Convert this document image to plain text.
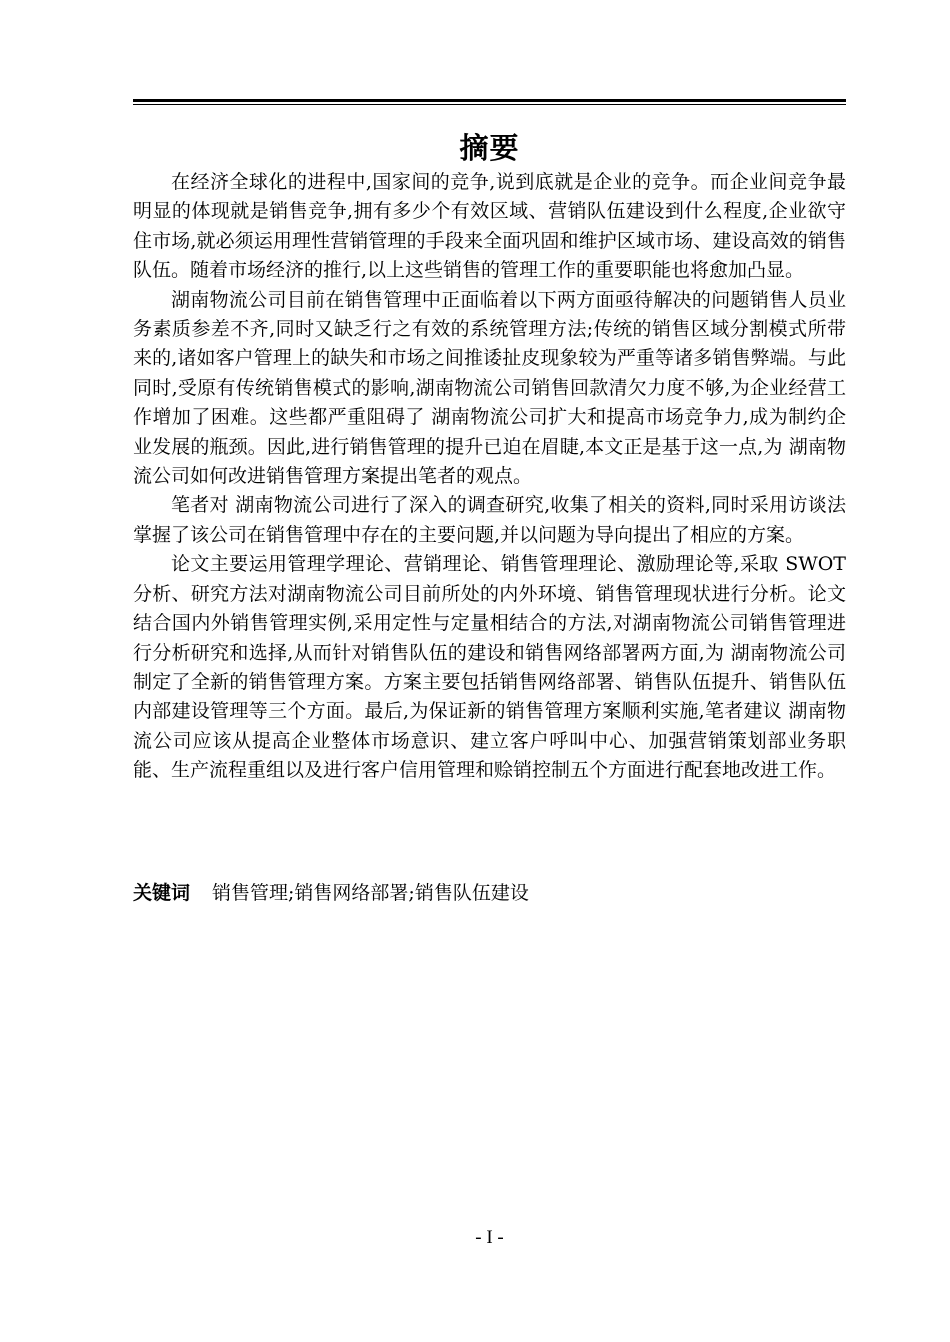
摘要

在经济全球化的进程中,国家间的竞争,说到底就是企业的竞争。而企业间竞争最明显的体现就是销售竞争,拥有多少个有效区域、营销队伍建设到什么程度,企业欲守住市场,就必须运用理性营销管理的手段来全面巩固和维护区域市场、建设高效的销售队伍。随着市场经济的推行,以上这些销售的管理工作的重要职能也将愈加凸显。

湖南物流公司目前在销售管理中正面临着以下两方面亟待解决的问题销售人员业务素质参差不齐,同时又缺乏行之有效的系统管理方法;传统的销售区域分割模式所带来的,诸如客户管理上的缺失和市场之间推诿扯皮现象较为严重等诸多销售弊端。与此同时,受原有传统销售模式的影响,湖南物流公司销售回款清欠力度不够,为企业经营工作增加了困难。这些都严重阻碍了 湖南物流公司扩大和提高市场竞争力,成为制约企业发展的瓶颈。因此,进行销售管理的提升已迫在眉睫,本文正是基于这一点,为 湖南物流公司如何改进销售管理方案提出笔者的观点。

笔者对 湖南物流公司进行了深入的调查研究,收集了相关的资料,同时采用访谈法掌握了该公司在销售管理中存在的主要问题,并以问题为导向提出了相应的方案。

论文主要运用管理学理论、营销理论、销售管理理论、激励理论等,采取 SWOT 分析、研究方法对湖南物流公司目前所处的内外环境、销售管理现状进行分析。论文结合国内外销售管理实例,采用定性与定量相结合的方法,对湖南物流公司销售管理进行分析研究和选择,从而针对销售队伍的建设和销售网络部署两方面,为 湖南物流公司制定了全新的销售管理方案。方案主要包括销售网络部署、销售队伍提升、销售队伍内部建设管理等三个方面。最后,为保证新的销售管理方案顺利实施,笔者建议 湖南物流公司应该从提高企业整体市场意识、建立客户呼叫中心、加强营销策划部业务职能、生产流程重组以及进行客户信用管理和赊销控制五个方面进行配套地改进工作。

关键词 销售管理;销售网络部署;销售队伍建设
- I -
